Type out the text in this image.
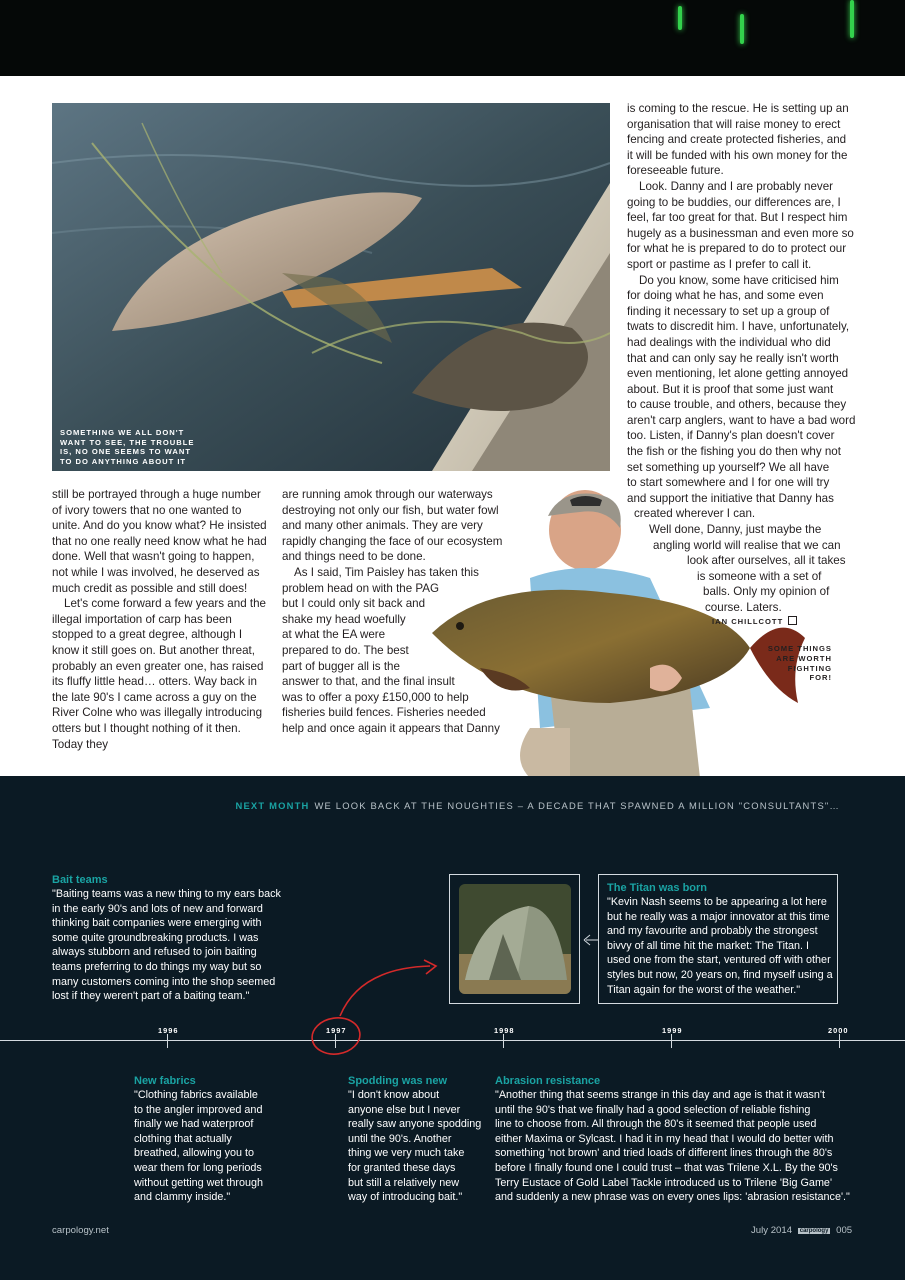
SOMETHING WE ALL DON'T
WANT TO SEE, THE TROUBLE
IS, NO ONE SEEMS TO WANT
TO DO ANYTHING ABOUT IT

still be portrayed through a huge number of ivory towers that no one wanted to unite. And do you know what? He insisted that no one really need know what he had done. Well that wasn't going to happen, not while I was involved, he deserved as much credit as possible and still does!

Let's come forward a few years and the illegal importation of carp has been stopped to a great degree, although I know it still goes on. But another threat, probably an even greater one, has raised its fluffy little head… otters. Way back in the late 90's I came across a guy on the River Colne who was illegally introducing otters but I thought nothing of it then. Today they

are running amok through our waterways
destroying not only our fish, but water fowl
and many other animals. They are very
rapidly changing the face of our ecosystem
and things need to be done.

As I said, Tim Paisley has taken this
problem head on with the PAG
but I could only sit back and
shake my head woefully
at what the EA were
prepared to do. The best
part of bugger all is the
answer to that, and the final insult
was to offer a poxy £150,000 to help
fisheries build fences. Fisheries needed
help and once again it appears that Danny

is coming to the rescue. He is setting up an
organisation that will raise money to erect
fencing and create protected fisheries, and
it will be funded with his own money for the
foreseeable future.

Look. Danny and I are probably never
going to be buddies, our differences are, I
feel, far too great for that. But I respect him
hugely as a businessman and even more so
for what he is prepared to do to protect our
sport or pastime as I prefer to call it.

Do you know, some have criticised him
for doing what he has, and some even
finding it necessary to set up a group of
twats to discredit him. I have, unfortunately,
had dealings with the individual who did
that and can only say he really isn't worth
even mentioning, let alone getting annoyed
about. But it is proof that some just want
to cause trouble, and others, because they
aren't carp anglers, want to have a bad word
too. Listen, if Danny's plan doesn't cover
the fish or the fishing you do then why not
set something up yourself? We all have
to start somewhere and I for one will try
and support the initiative that Danny has
created wherever I can.

Well done, Danny, just maybe the
angling world will realise that we can
look after ourselves, all it takes
is someone with a set of
balls. Only my opinion of
course. Laters.

IAN CHILLCOTT
SOME THINGS
ARE WORTH
FIGHTING
FOR!
NEXT MONTH WE LOOK BACK AT THE NOUGHTIES – A DECADE THAT SPAWNED A MILLION "CONSULTANTS"…
Bait teams
"Baiting teams was a new thing to my ears back
in the early 90's and lots of new and forward
thinking bait companies were emerging with
some quite groundbreaking products. I was
always stubborn and refused to join baiting
teams preferring to do things my way but so
many customers coming into the shop seemed
lost if they weren't part of a baiting team."
The Titan was born
"Kevin Nash seems to be appearing a lot here
but he really was a major innovator at this time
and my favourite and probably the strongest
bivvy of all time hit the market: The Titan. I
used one from the start, ventured off with other
styles but now, 20 years on, find myself using a
Titan again for the worst of the weather."
1996	1997	1998	1999	2000
New fabrics
"Clothing fabrics available
to the angler improved and
finally we had waterproof
clothing that actually
breathed, allowing you to
wear them for long periods
without getting wet through
and clammy inside."
Spodding was new
"I don't know about
anyone else but I never
really saw anyone spodding
until the 90's. Another
thing we very much take
for granted these days
but still a relatively new
way of introducing bait."
Abrasion resistance
"Another thing that seems strange in this day and age is that it wasn't
until the 90's that we finally had a good selection of reliable fishing
line to choose from. All through the 80's it seemed that people used
either Maxima or Sylcast. I had it in my head that I would do better with
something 'not brown' and tried loads of different lines through the 80's
before I finally found one I could trust – that was Trilene X.L. By the 90's
Terry Eustace of Gold Label Tackle introduced us to Trilene 'Big Game'
and suddenly a new phrase was on every ones lips: 'abrasion resistance'."
carpology.net	July 2014 carpology 005
